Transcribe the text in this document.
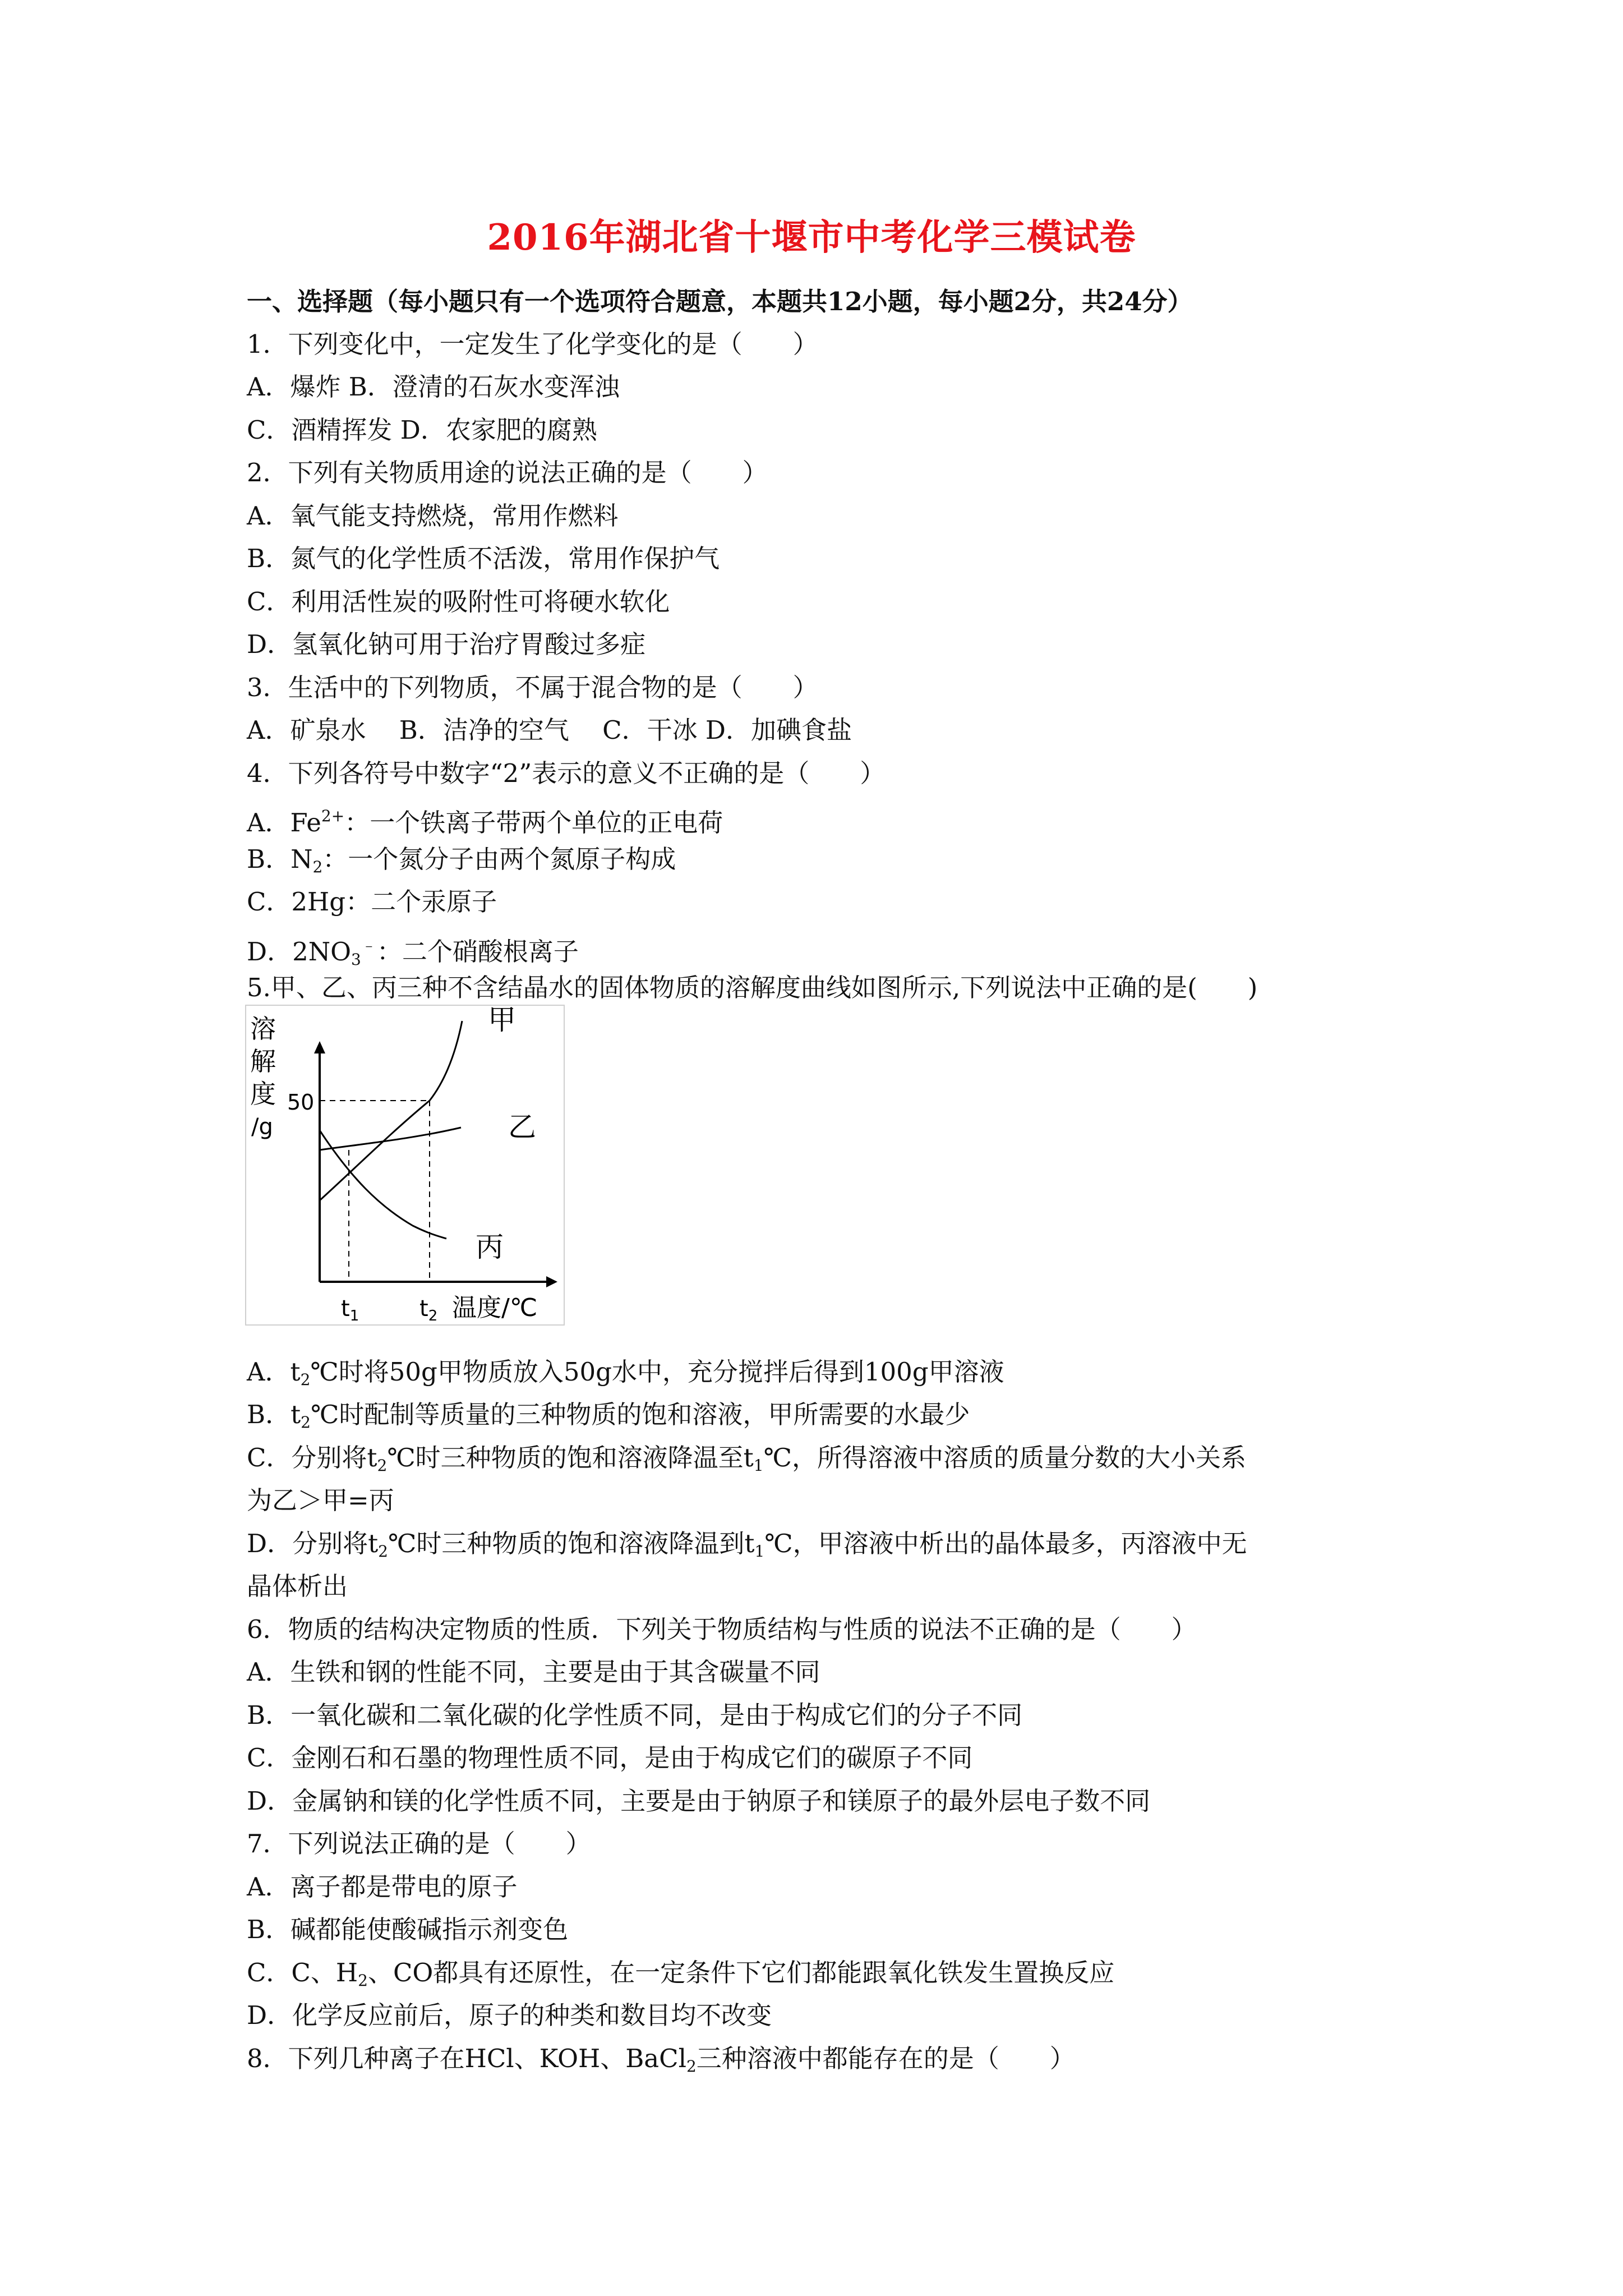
2016年湖北省十堰市中考化学三模试卷
一、选择题（每小题只有一个选项符合题意，本题共12小题，每小题2分，共24分）
1．下列变化中，一定发生了化学变化的是（　　）
A．爆炸 B．澄清的石灰水变浑浊
C．酒精挥发 D．农家肥的腐熟
2．下列有关物质用途的说法正确的是（　　）
A．氧气能支持燃烧，常用作燃料
B．氮气的化学性质不活泼，常用作保护气
C．利用活性炭的吸附性可将硬水软化
D．氢氧化钠可用于治疗胃酸过多症
3．生活中的下列物质，不属于混合物的是（　　）
A．矿泉水　 B．洁净的空气　 C．干冰 D．加碘食盐
4．下列各符号中数字“2”表示的意义不正确的是（　　）
A．$Fe^{2+}$：一个铁离子带两个单位的正电荷
B．$N_2$：一个氮分子由两个氮原子构成
C．2Hg：二个汞原子
D．$2NO_3^﹣$：二个硝酸根离子
5.甲、乙、丙三种不含结晶水的固体物质的溶解度曲线如图所示,下列说法中正确的是(　　)
溶
解
度
/g
50
甲
乙
丙
$t_1$	$t_2$ 温度/℃
A．$t_2℃$时将50g甲物质放入50g水中，充分搅拌后得到100g甲溶液
B．$t_2℃$时配制等质量的三种物质的饱和溶液，甲所需要的水最少
C．分别将$t_2℃$时三种物质的饱和溶液降温至$t_1℃$，所得溶液中溶质的质量分数的大小关系
为乙＞甲=丙
D．分别将$t_2℃$时三种物质的饱和溶液降温到$t_1℃$，甲溶液中析出的晶体最多，丙溶液中无
晶体析出
6．物质的结构决定物质的性质．下列关于物质结构与性质的说法不正确的是（　　）
A．生铁和钢的性能不同，主要是由于其含碳量不同
B．一氧化碳和二氧化碳的化学性质不同，是由于构成它们的分子不同
C．金刚石和石墨的物理性质不同，是由于构成它们的碳原子不同
D．金属钠和镁的化学性质不同，主要是由于钠原子和镁原子的最外层电子数不同
7．下列说法正确的是（　　）
A．离子都是带电的原子
B．碱都能使酸碱指示剂变色
C．C、$H_2$、CO都具有还原性，在一定条件下它们都能跟氧化铁发生置换反应
D．化学反应前后，原子的种类和数目均不改变
8．下列几种离子在HCl、KOH、BaCl$_2$三种溶液中都能存在的是（　　）
